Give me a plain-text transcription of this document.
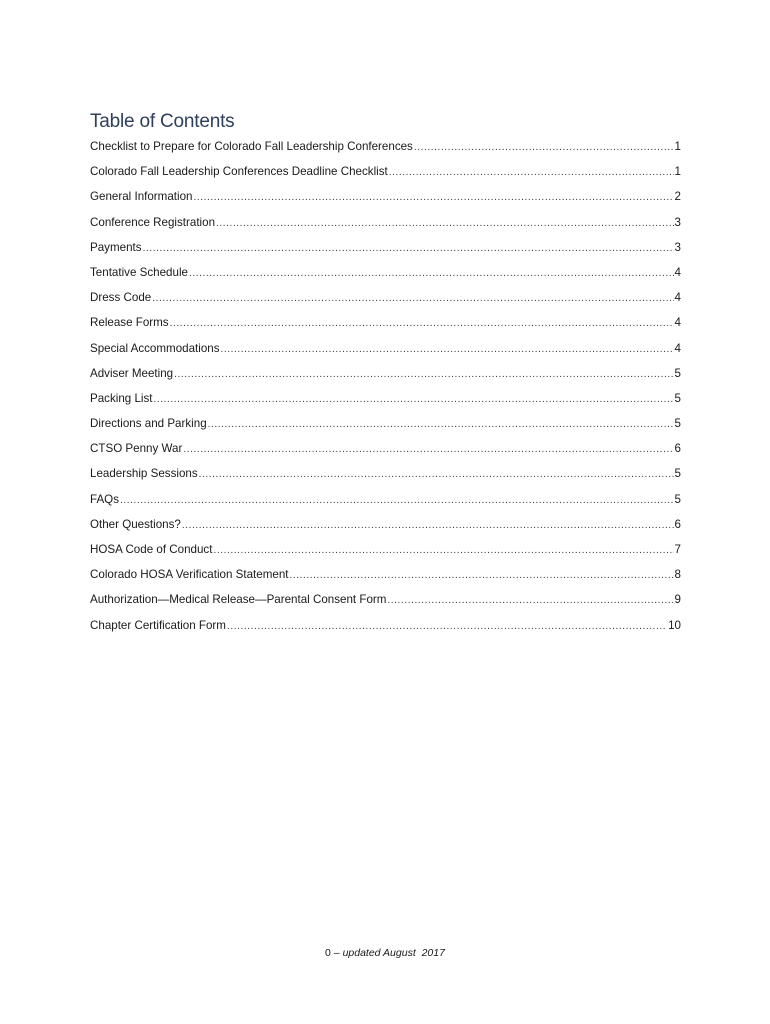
Table of Contents
Checklist to Prepare for Colorado Fall Leadership Conferences .....	1
Colorado Fall Leadership Conferences Deadline Checklist .....	1
General Information .....	2
Conference Registration .....	3
Payments .....	3
Tentative Schedule .....	4
Dress Code .....	4
Release Forms .....	4
Special Accommodations .....	4
Adviser Meeting .....	5
Packing List .....	5
Directions and Parking .....	5
CTSO Penny War .....	6
Leadership Sessions .....	5
FAQs .....	5
Other Questions? .....	6
HOSA Code of Conduct .....	7
Colorado HOSA Verification Statement .....	8
Authorization—Medical Release—Parental Consent Form .....	9
Chapter Certification Form .....	10
0 – updated August  2017
